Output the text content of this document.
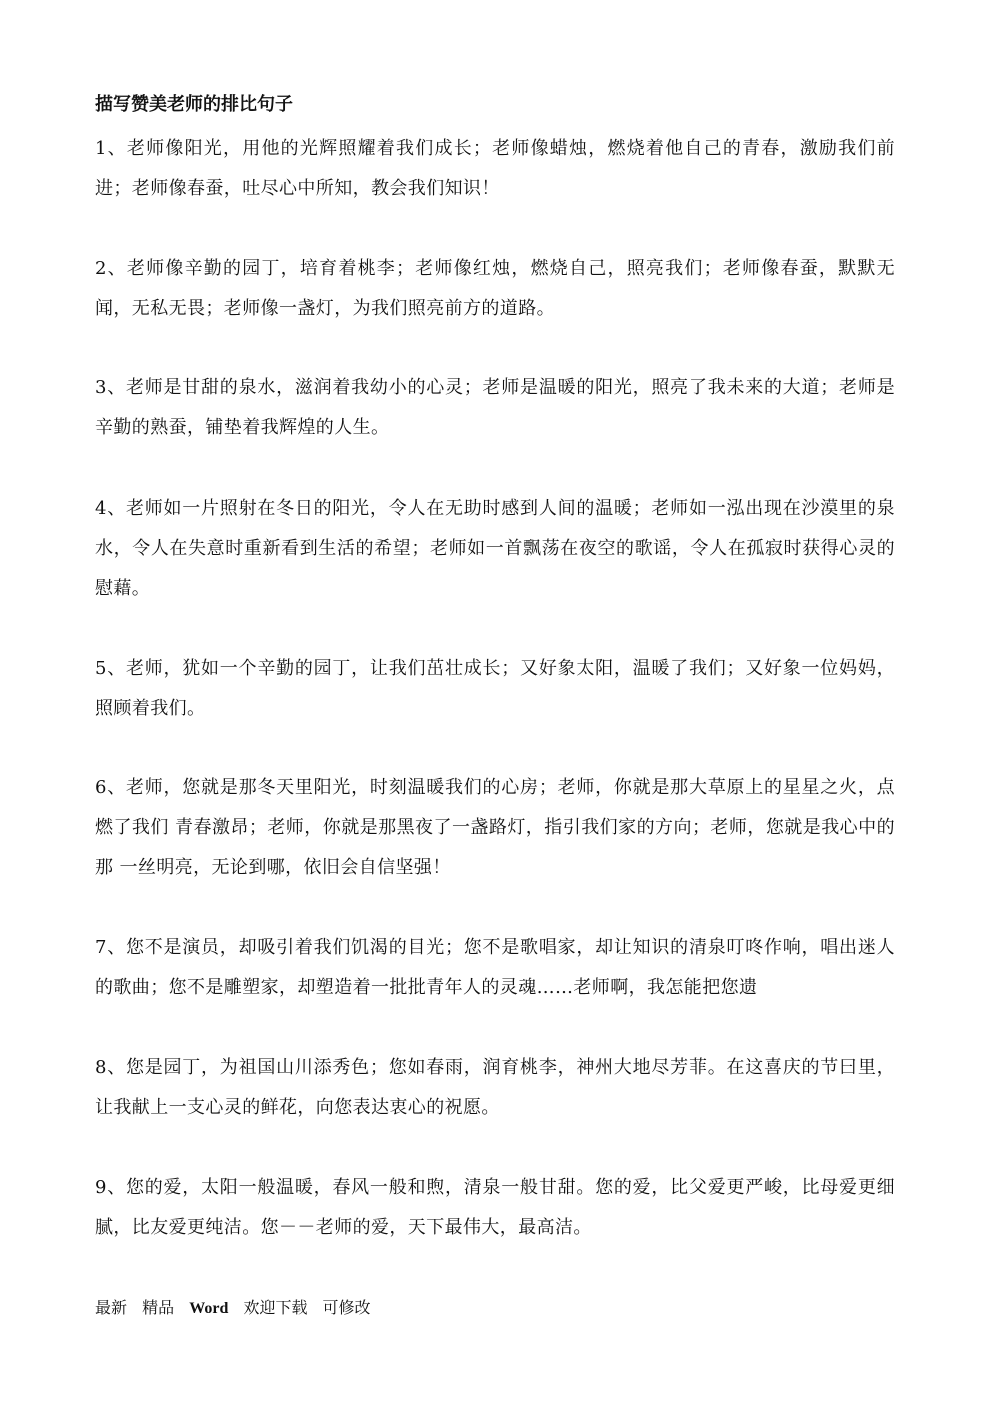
描写赞美老师的排比句子
1、老师像阳光，用他的光辉照耀着我们成长；老师像蜡烛，燃烧着他自己的青春，激励我们前进；老师像春蚕，吐尽心中所知，教会我们知识！
2、老师像辛勤的园丁，培育着桃李；老师像红烛，燃烧自己，照亮我们；老师像春蚕，默默无闻，无私无畏；老师像一盏灯，为我们照亮前方的道路。
3、老师是甘甜的泉水，滋润着我幼小的心灵；老师是温暖的阳光，照亮了我未来的大道；老师是辛勤的熟蚕，铺垫着我辉煌的人生。
4、老师如一片照射在冬日的阳光，令人在无助时感到人间的温暖；老师如一泓出现在沙漠里的泉水，令人在失意时重新看到生活的希望；老师如一首飘荡在夜空的歌谣，令人在孤寂时获得心灵的慰藉。
5、老师，犹如一个辛勤的园丁，让我们茁壮成长；又好象太阳，温暖了我们；又好象一位妈妈，照顾着我们。
6、老师，您就是那冬天里阳光，时刻温暖我们的心房；老师，你就是那大草原上的星星之火，点燃了我们 青春激昂；老师，你就是那黑夜了一盏路灯，指引我们家的方向；老师，您就是我心中的那 一丝明亮，无论到哪，依旧会自信坚强！
7、您不是演员，却吸引着我们饥渴的目光；您不是歌唱家，却让知识的清泉叮咚作响，唱出迷人的歌曲；您不是雕塑家，却塑造着一批批青年人的灵魂……老师啊，我怎能把您遗
8、您是园丁，为祖国山川添秀色；您如春雨，润育桃李，神州大地尽芳菲。在这喜庆的节曰里，让我献上一支心灵的鲜花，向您表达衷心的祝愿。
9、您的爱，太阳一般温暖，春风一般和煦，清泉一般甘甜。您的爱，比父爱更严峻，比母爱更细腻，比友爱更纯洁。您－－老师的爱，天下最伟大，最高洁。
最新 精品 Word 欢迎下载 可修改
